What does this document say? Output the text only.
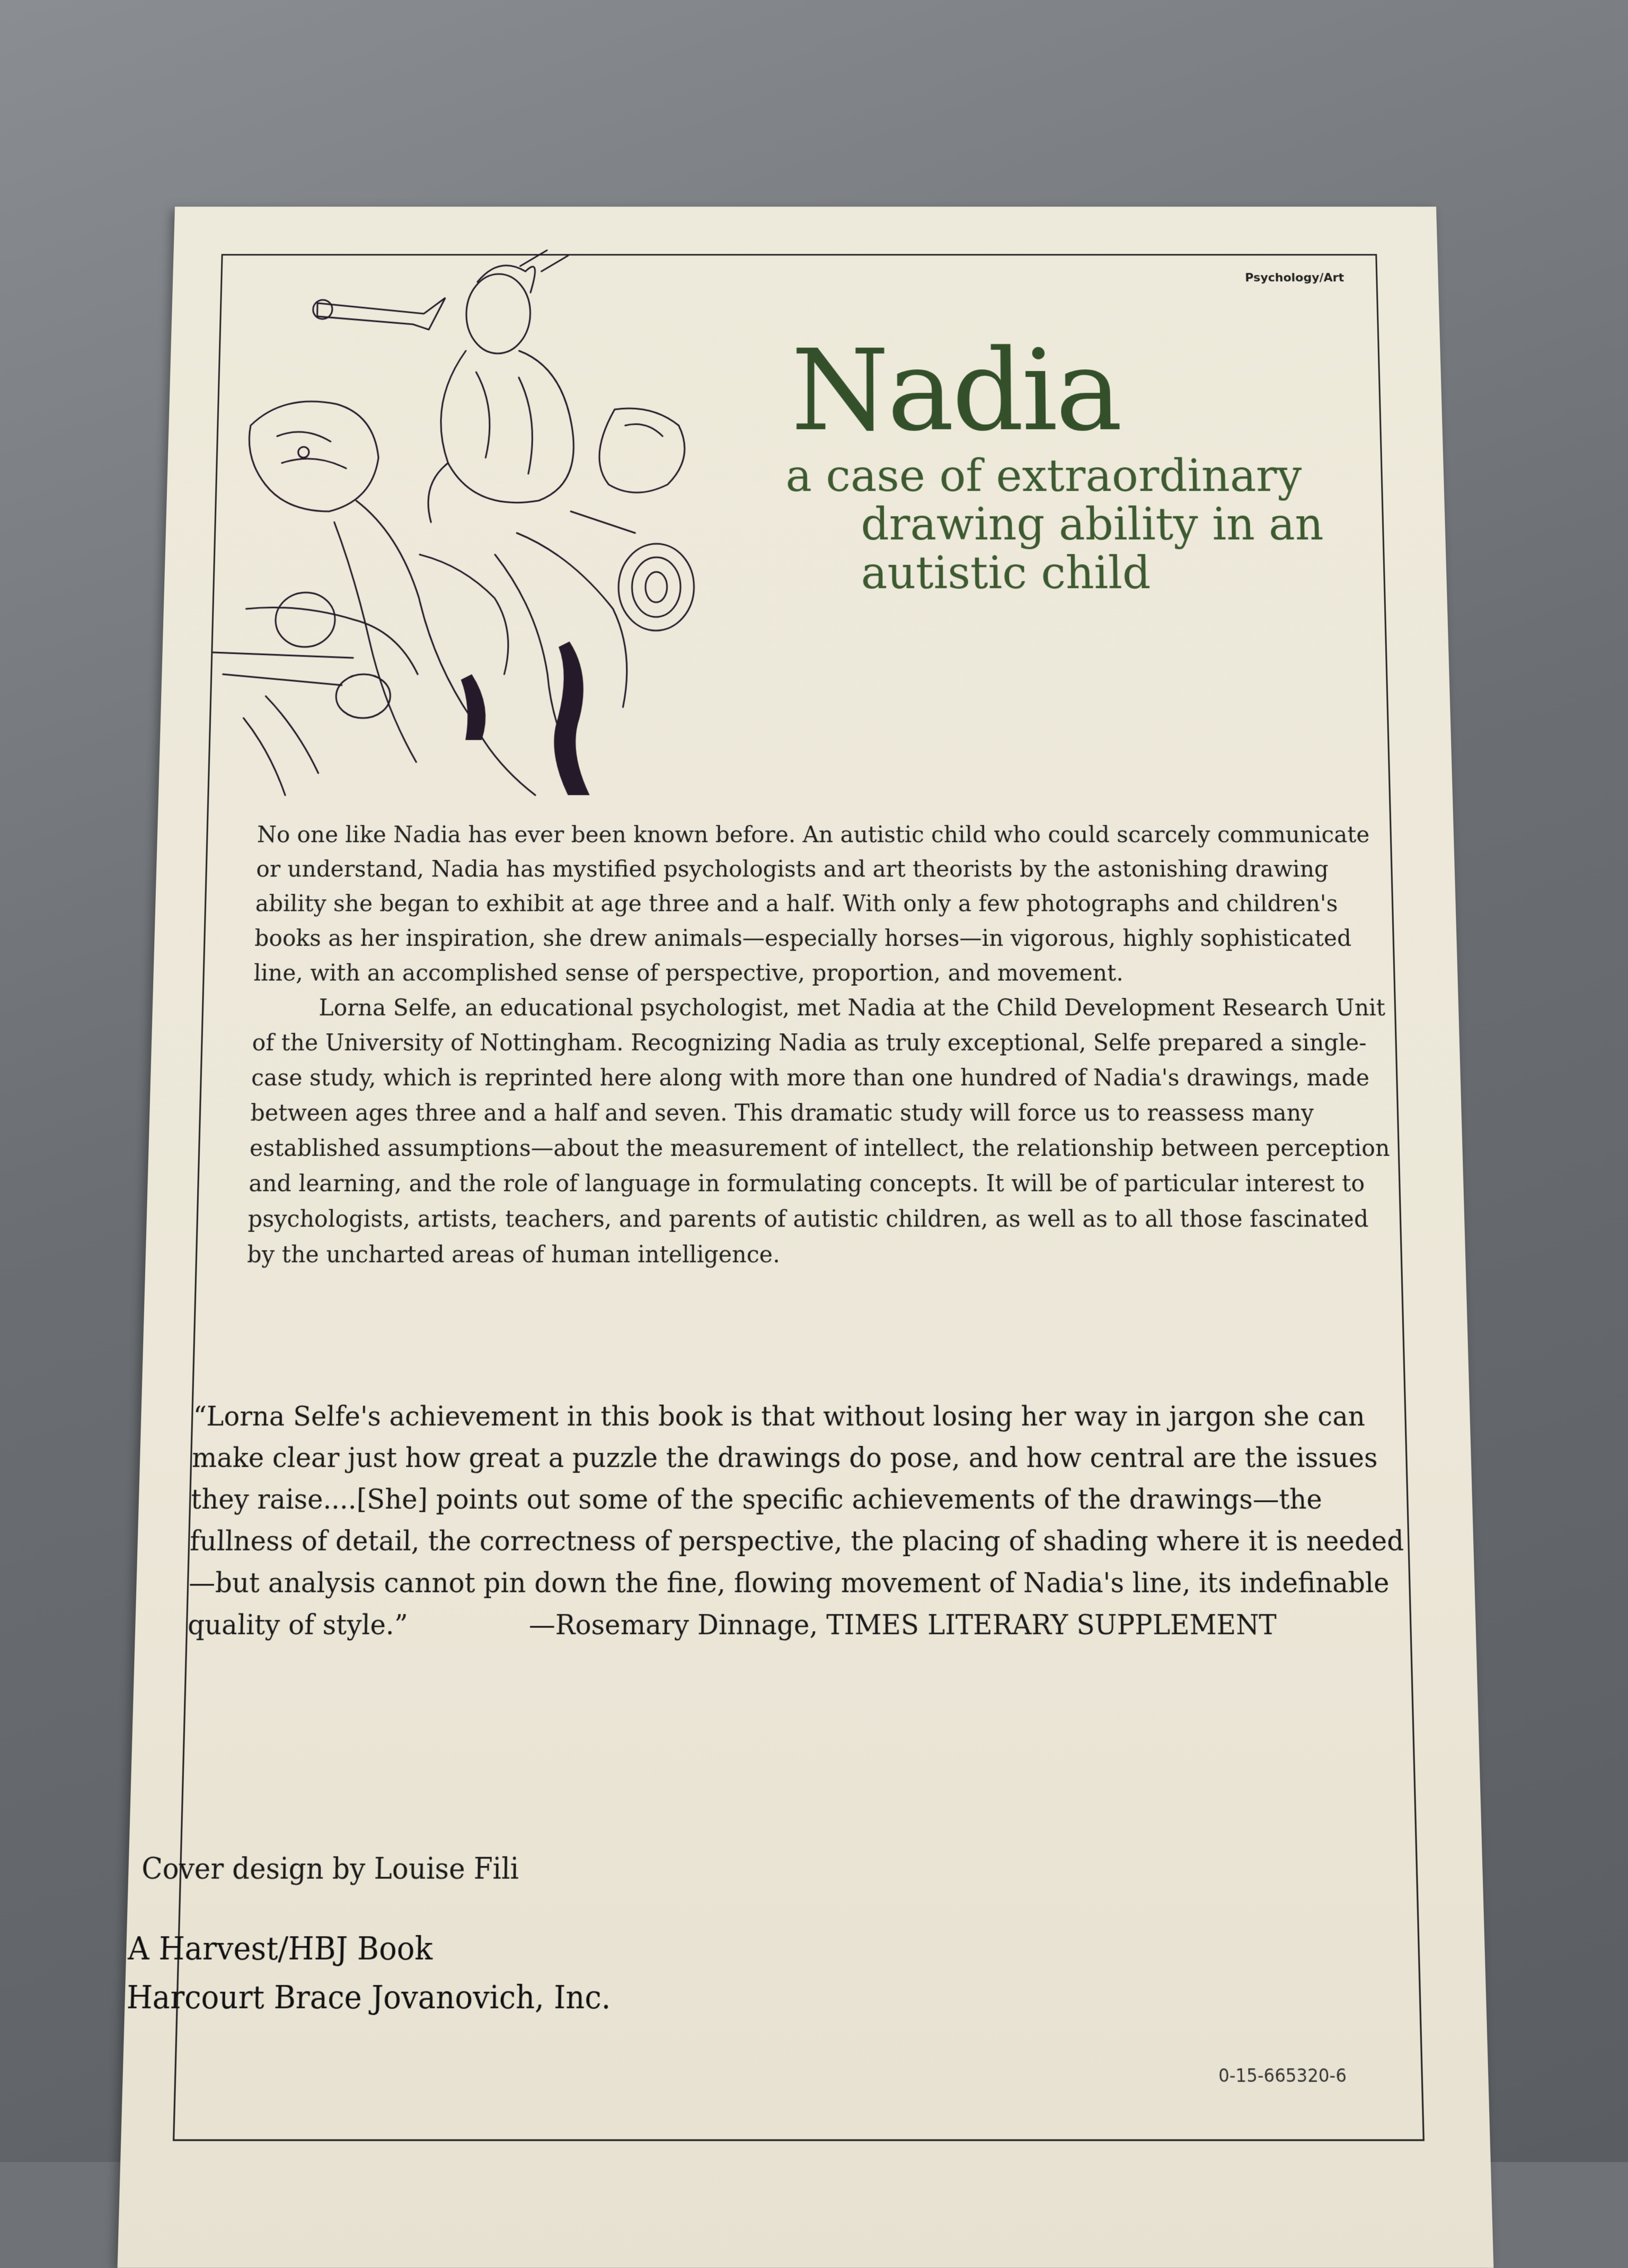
Psychology/Art
Nadia
a case of extraordinary
drawing ability in an
autistic child

No one like Nadia has ever been known before. An autistic child who could scarcely communicate or understand, Nadia has mystified psychologists and art theorists by the astonishing drawing ability she began to exhibit at age three and a half. With only a few photographs and children's books as her inspiration, she drew animals—especially horses—in vigorous, highly sophisticated line, with an accomplished sense of perspective, proportion, and movement.

Lorna Selfe, an educational psychologist, met Nadia at the Child Development Research Unit of the University of Nottingham. Recognizing Nadia as truly exceptional, Selfe prepared a single-case study, which is reprinted here along with more than one hundred of Nadia's drawings, made between ages three and a half and seven. This dramatic study will force us to reassess many established assumptions—about the measurement of intellect, the relationship between perception and learning, and the role of language in formulating concepts. It will be of particular interest to psychologists, artists, teachers, and parents of autistic children, as well as to all those fascinated by the uncharted areas of human intelligence.

“Lorna Selfe's achievement in this book is that without losing her way in jargon she can make clear just how great a puzzle the drawings do pose, and how central are the issues they raise....[She] points out some of the specific achievements of the drawings—the fullness of detail, the correctness of perspective, the placing of shading where it is needed—but analysis cannot pin down the fine, flowing movement of Nadia's line, its indefinable quality of style.”	—Rosemary Dinnage, TIMES LITERARY SUPPLEMENT
Cover design by Louise Fili
A Harvest/HBJ Book
Harcourt Brace Jovanovich, Inc.
0-15-665320-6
